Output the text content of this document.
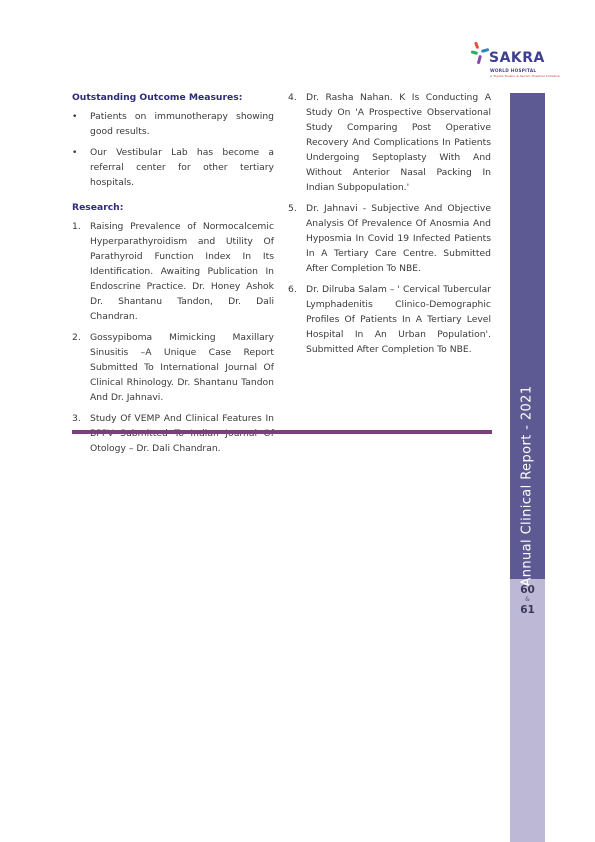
SAKRA
WORLD HOSPITAL
A Toyota Tsusho & Secom Hospital Initiative
Annual Clinical Report - 2021
60
&
61
Outstanding Outcome Measures:
• Patients on immunotherapy showing good results.
• Our Vestibular Lab has become a referral center for other tertiary hospitals.
Research:
1. Raising Prevalence of Normocalcemic Hyperparathyroidism and Utility Of Parathyroid Function Index In Its Identification. Awaiting Publication In Endoscrine Practice. Dr. Honey Ashok Dr. Shantanu Tandon, Dr. Dali Chandran.
2. Gossypiboma Mimicking Maxillary Sinusitis –A Unique Case Report Submitted To International Journal Of Clinical Rhinology. Dr. Shantanu Tandon And Dr. Jahnavi.
3. Study Of VEMP And Clinical Features In Otology – Dr. Dali Chandran.
4. Dr. Rasha Nahan. K Is Conducting A Study On 'A Prospective Observational Study Comparing Post Operative Recovery And Complications In Patients Undergoing Septoplasty With And Without Anterior Nasal Packing In Indian Subpopulation.'
5. Dr. Jahnavi - Subjective And Objective Analysis Of Prevalence Of Anosmia And Hyposmia In Covid 19 Infected Patients In A Tertiary Care Centre. Submitted After Completion To NBE.
6. Dr. Dilruba Salam – ' Cervical Tubercular Lymphadenitis Clinico-Demographic Profiles Of Patients In A Tertiary Level Hospital In An Urban Population'. Submitted After Completion To NBE.
